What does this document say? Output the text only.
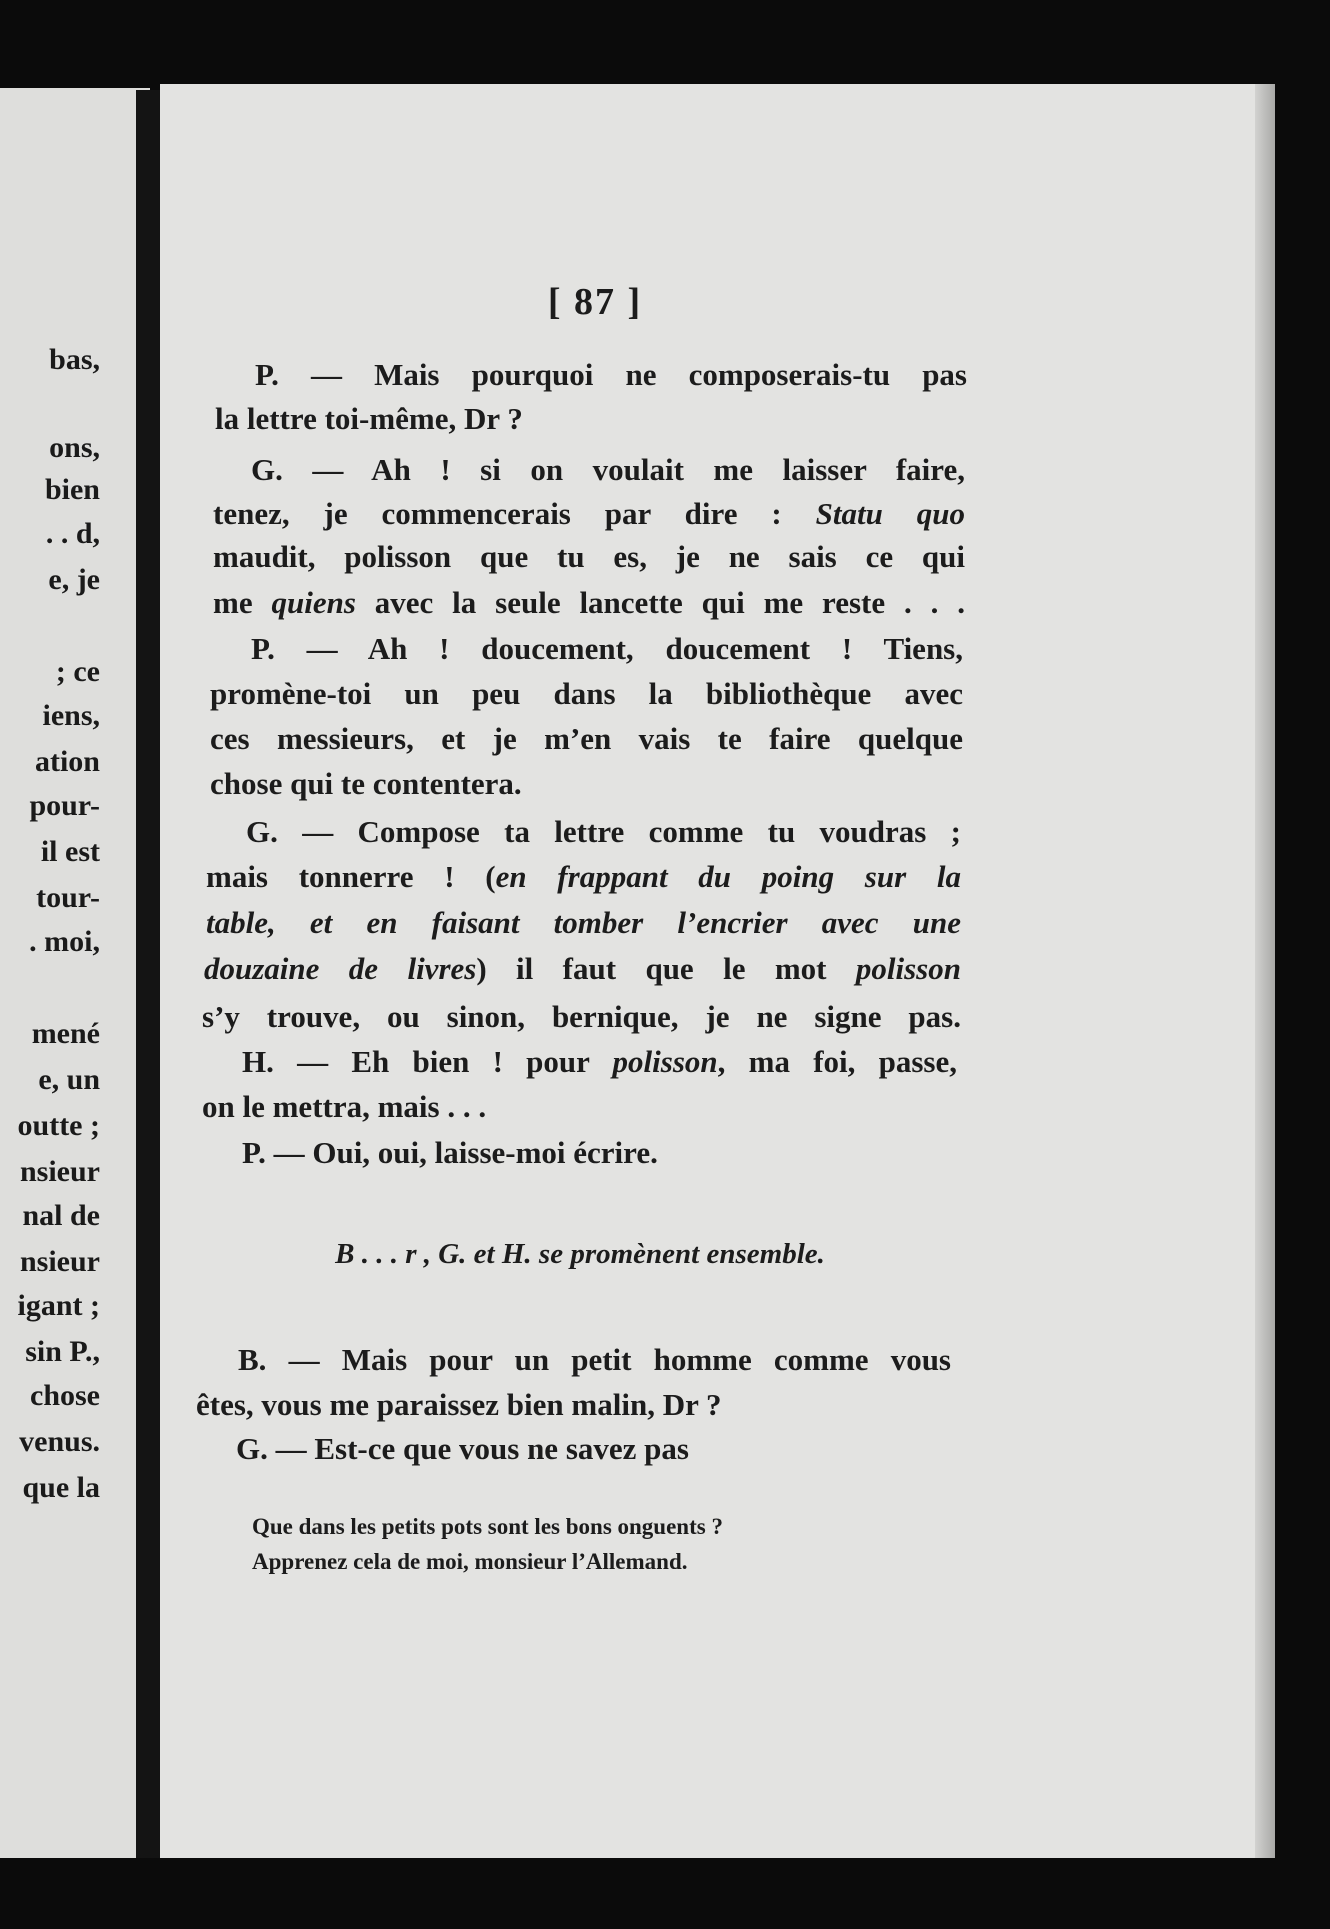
bas,
ons,
bien
. . d,
e, je
; ce
iens,
ation
pour-
il est
tour-
. moi,
mené
e, un
outte ;
nsieur
nal de
nsieur
igant ;
sin P.,
chose
venus.
que la
[ 87 ]
P. — Mais pourquoi ne composerais-tu pas
la lettre toi-même, Dr ?
G. — Ah ! si on voulait me laisser faire,
tenez, je commencerais par dire : Statu quo
maudit, polisson que tu es, je ne sais ce qui
me quiens avec la seule lancette qui me reste . . .
P. — Ah ! doucement, doucement ! Tiens,
promène-toi un peu dans la bibliothèque avec
ces messieurs, et je m’en vais te faire quelque
chose qui te contentera.
G. — Compose ta lettre comme tu voudras ;
mais tonnerre ! (en frappant du poing sur la
table, et en faisant tomber l’encrier avec une
douzaine de livres) il faut que le mot polisson
s’y trouve, ou sinon, bernique, je ne signe pas.
H. — Eh bien ! pour polisson, ma foi, passe,
on le mettra, mais . . .
P. — Oui, oui, laisse-moi écrire.
B . . . r , G. et H. se promènent ensemble.
B. — Mais pour un petit homme comme vous
êtes, vous me paraissez bien malin, Dr ?
G. — Est-ce que vous ne savez pas
Que dans les petits pots sont les bons onguents ?
Apprenez cela de moi, monsieur l’Allemand.
